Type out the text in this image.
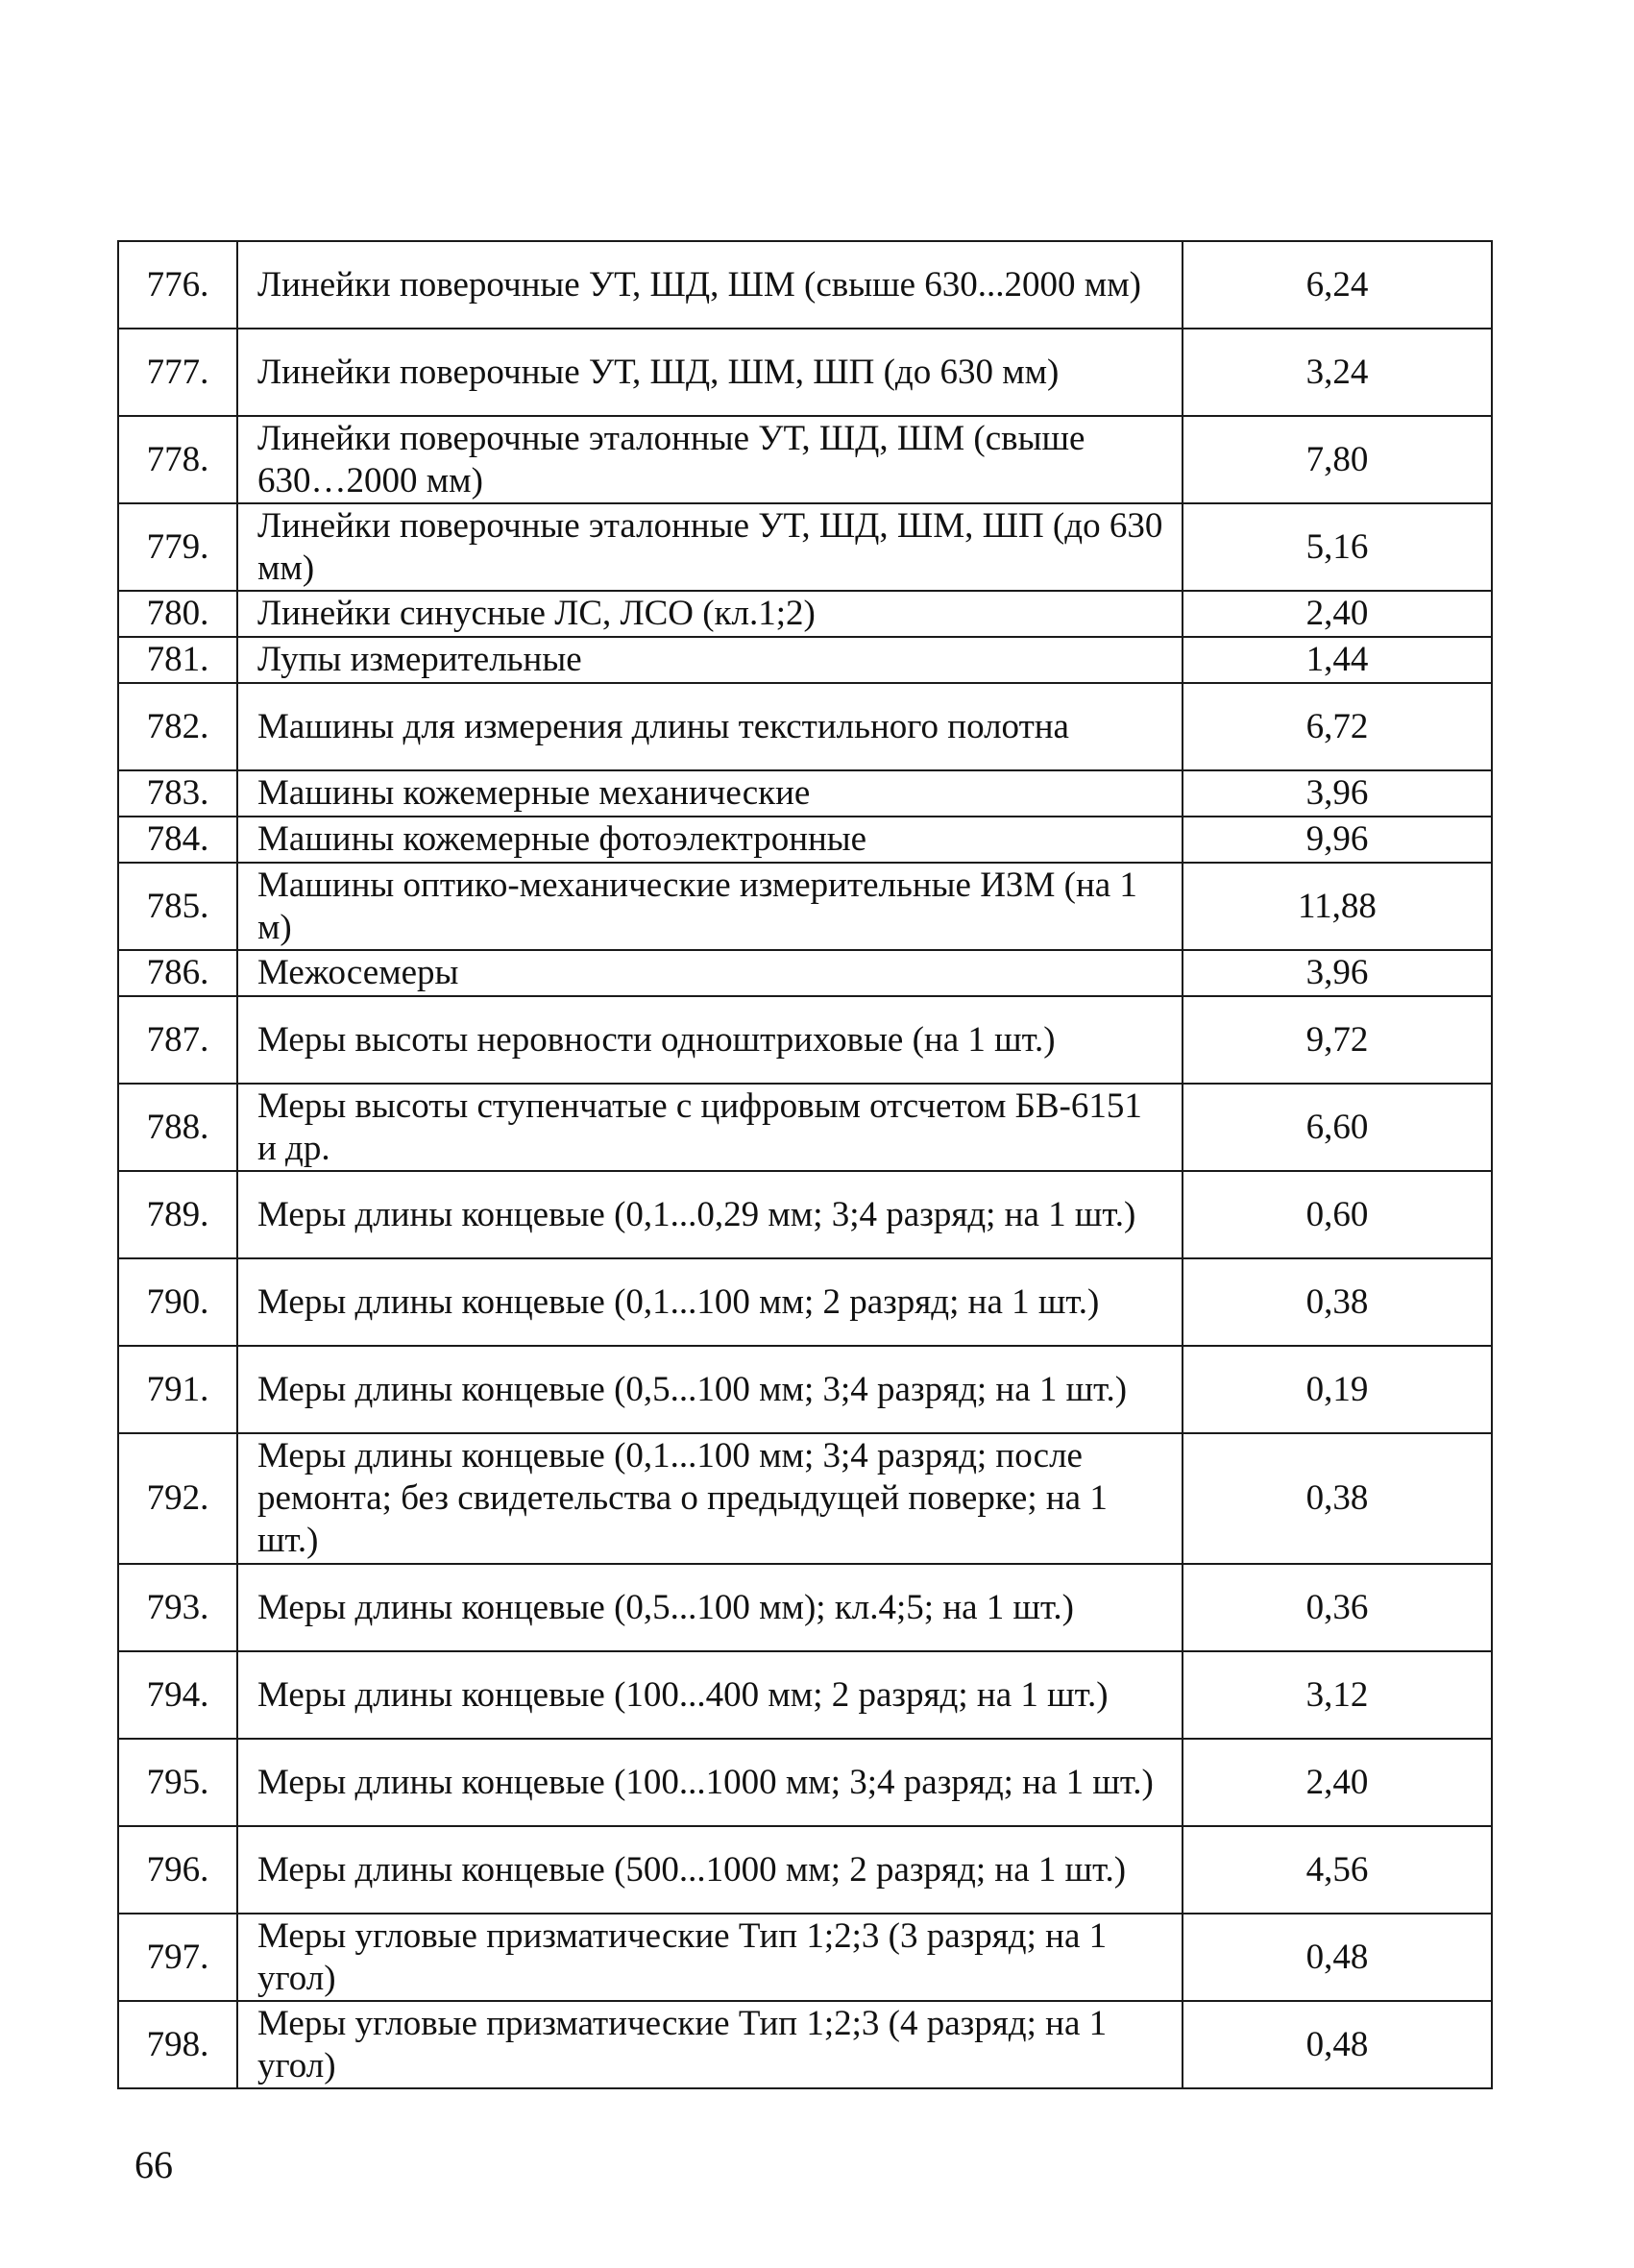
776.	Линейки поверочные УТ, ШД, ШМ (свыше 630...2000 мм)	6,24
777.	Линейки поверочные УТ, ШД, ШМ, ШП (до 630 мм)	3,24
778.	Линейки поверочные эталонные УТ, ШД, ШМ (свыше 630…2000 мм)	7,80
779.	Линейки поверочные эталонные УТ, ШД, ШМ, ШП (до 630 мм)	5,16
780.	Линейки синусные ЛС, ЛСО (кл.1;2)	2,40
781.	Лупы измерительные	1,44
782.	Машины для измерения длины текстильного полотна	6,72
783.	Машины кожемерные механические	3,96
784.	Машины кожемерные фотоэлектронные	9,96
785.	Машины оптико-механические измерительные ИЗМ (на 1 м)	11,88
786.	Межосемеры	3,96
787.	Меры высоты неровности одноштриховые (на 1 шт.)	9,72
788.	Меры высоты ступенчатые с цифровым отсчетом БВ-6151 и др.	6,60
789.	Меры длины концевые (0,1...0,29 мм; 3;4 разряд; на 1 шт.)	0,60
790.	Меры длины концевые (0,1...100 мм; 2 разряд; на 1 шт.)	0,38
791.	Меры длины концевые (0,5...100 мм; 3;4 разряд; на 1 шт.)	0,19
792.	Меры длины концевые (0,1...100 мм; 3;4 разряд; после ремонта; без свидетельства о предыдущей поверке; на 1 шт.)	0,38
793.	Меры длины концевые (0,5...100 мм); кл.4;5; на 1 шт.)	0,36
794.	Меры длины концевые (100...400 мм; 2 разряд; на 1 шт.)	3,12
795.	Меры длины концевые (100...1000 мм; 3;4 разряд; на 1 шт.)	2,40
796.	Меры длины концевые (500...1000 мм; 2 разряд; на 1 шт.)	4,56
797.	Меры угловые призматические Тип 1;2;3 (3 разряд; на 1 угол)	0,48
798.	Меры угловые призматические Тип 1;2;3 (4 разряд; на 1 угол)	0,48
66
